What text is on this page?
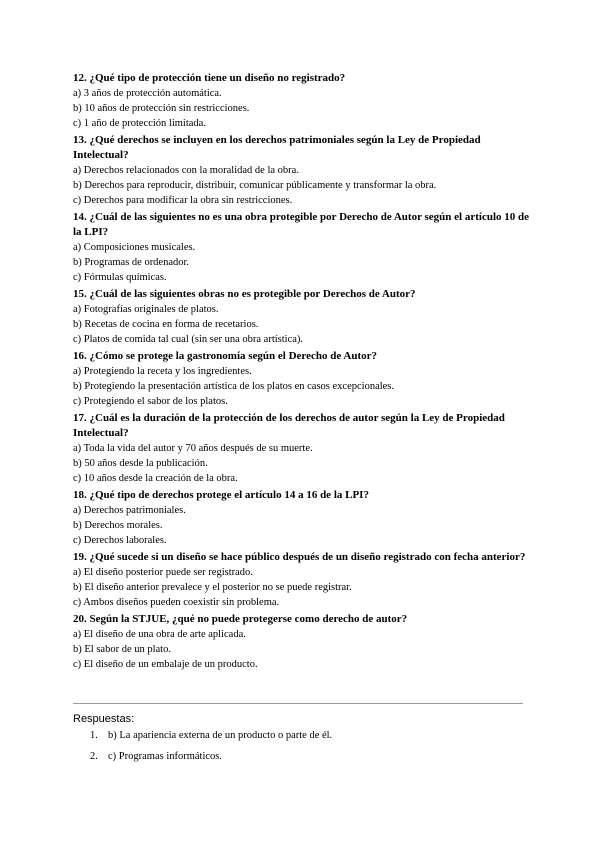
12. ¿Qué tipo de protección tiene un diseño no registrado?

a) 3 años de protección automática.

b) 10 años de protección sin restricciones.

c) 1 año de protección limitada.

13. ¿Qué derechos se incluyen en los derechos patrimoniales según la Ley de Propiedad Intelectual?

a) Derechos relacionados con la moralidad de la obra.

b) Derechos para reproducir, distribuir, comunicar públicamente y transformar la obra.

c) Derechos para modificar la obra sin restricciones.

14. ¿Cuál de las siguientes no es una obra protegible por Derecho de Autor según el artículo 10 de la LPI?

a) Composiciones musicales.

b) Programas de ordenador.

c) Fórmulas químicas.

15. ¿Cuál de las siguientes obras no es protegible por Derechos de Autor?

a) Fotografías originales de platos.

b) Recetas de cocina en forma de recetarios.

c) Platos de comida tal cual (sin ser una obra artística).

16. ¿Cómo se protege la gastronomía según el Derecho de Autor?

a) Protegiendo la receta y los ingredientes.

b) Protegiendo la presentación artística de los platos en casos excepcionales.

c) Protegiendo el sabor de los platos.

17. ¿Cuál es la duración de la protección de los derechos de autor según la Ley de Propiedad Intelectual?

a) Toda la vida del autor y 70 años después de su muerte.

b) 50 años desde la publicación.

c) 10 años desde la creación de la obra.

18. ¿Qué tipo de derechos protege el artículo 14 a 16 de la LPI?

a) Derechos patrimoniales.

b) Derechos morales.

c) Derechos laborales.

19. ¿Qué sucede si un diseño se hace público después de un diseño registrado con fecha anterior?

a) El diseño posterior puede ser registrado.

b) El diseño anterior prevalece y el posterior no se puede registrar.

c) Ambos diseños pueden coexistir sin problema.

20. Según la STJUE, ¿qué no puede protegerse como derecho de autor?

a) El diseño de una obra de arte aplicada.

b) El sabor de un plato.

c) El diseño de un embalaje de un producto.

Respuestas:
1. b) La apariencia externa de un producto o parte de él.
2. c) Programas informáticos.
